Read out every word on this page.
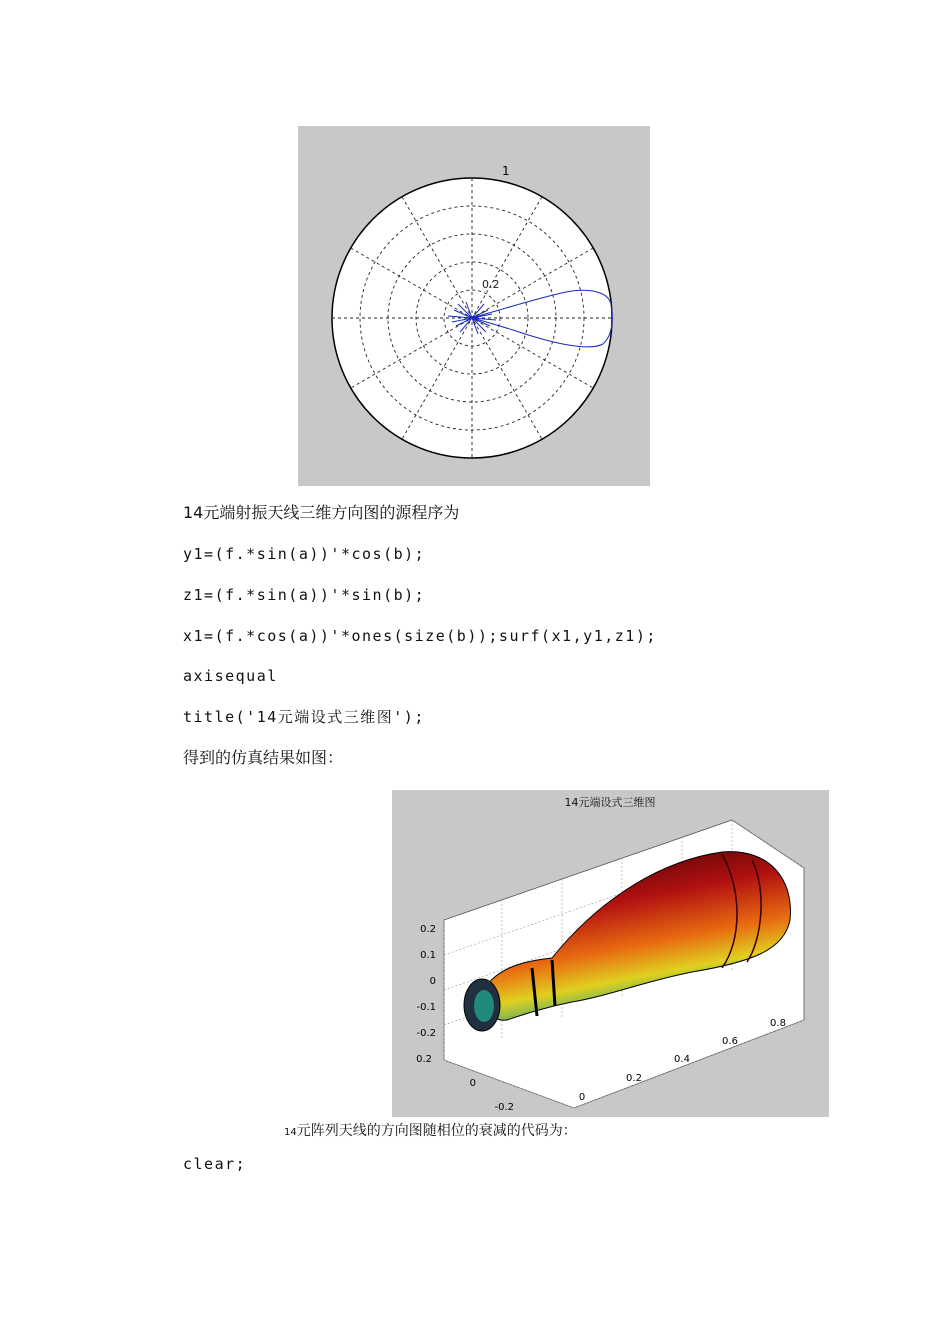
1
0.2
14元端射振天线三维方向图的源程序为
y1=(f.*sin(a))'*cos(b);
z1=(f.*sin(a))'*sin(b);
x1=(f.*cos(a))'*ones(size(b));surf(x1,y1,z1);
axisequal
title('14元端设式三维图');
得到的仿真结果如图：
14元端设式三维图
0.2
0.1
0
-0.1
-0.2
0.2
0
-0.2
0
0.2
0.4
0.6
0.8
14元阵列天线的方向图随相位的衰减的代码为：
clear;
